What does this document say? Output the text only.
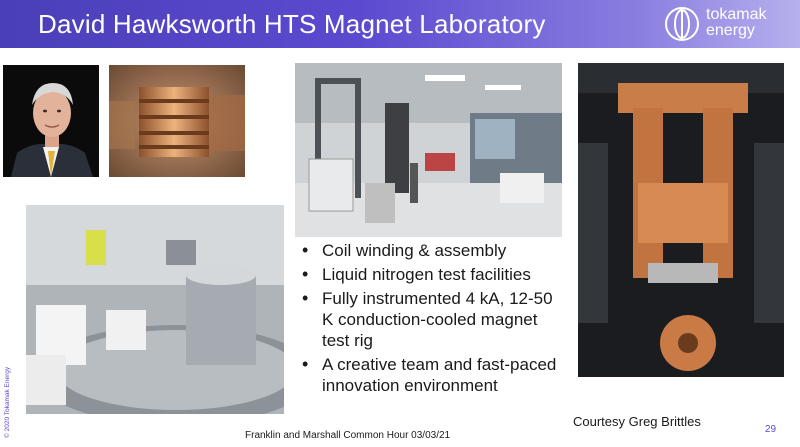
David Hawksworth HTS Magnet Laboratory	tokamak
energy
• Coil winding & assembly
• Liquid nitrogen test facilities
• Fully instrumented 4 kA, 12-50 K conduction-cooled magnet test rig
• A creative team and fast-paced innovation environment
Courtesy Greg Brittles
Franklin and Marshall Common Hour 03/03/21
29
© 2020 Tokamak Energy
